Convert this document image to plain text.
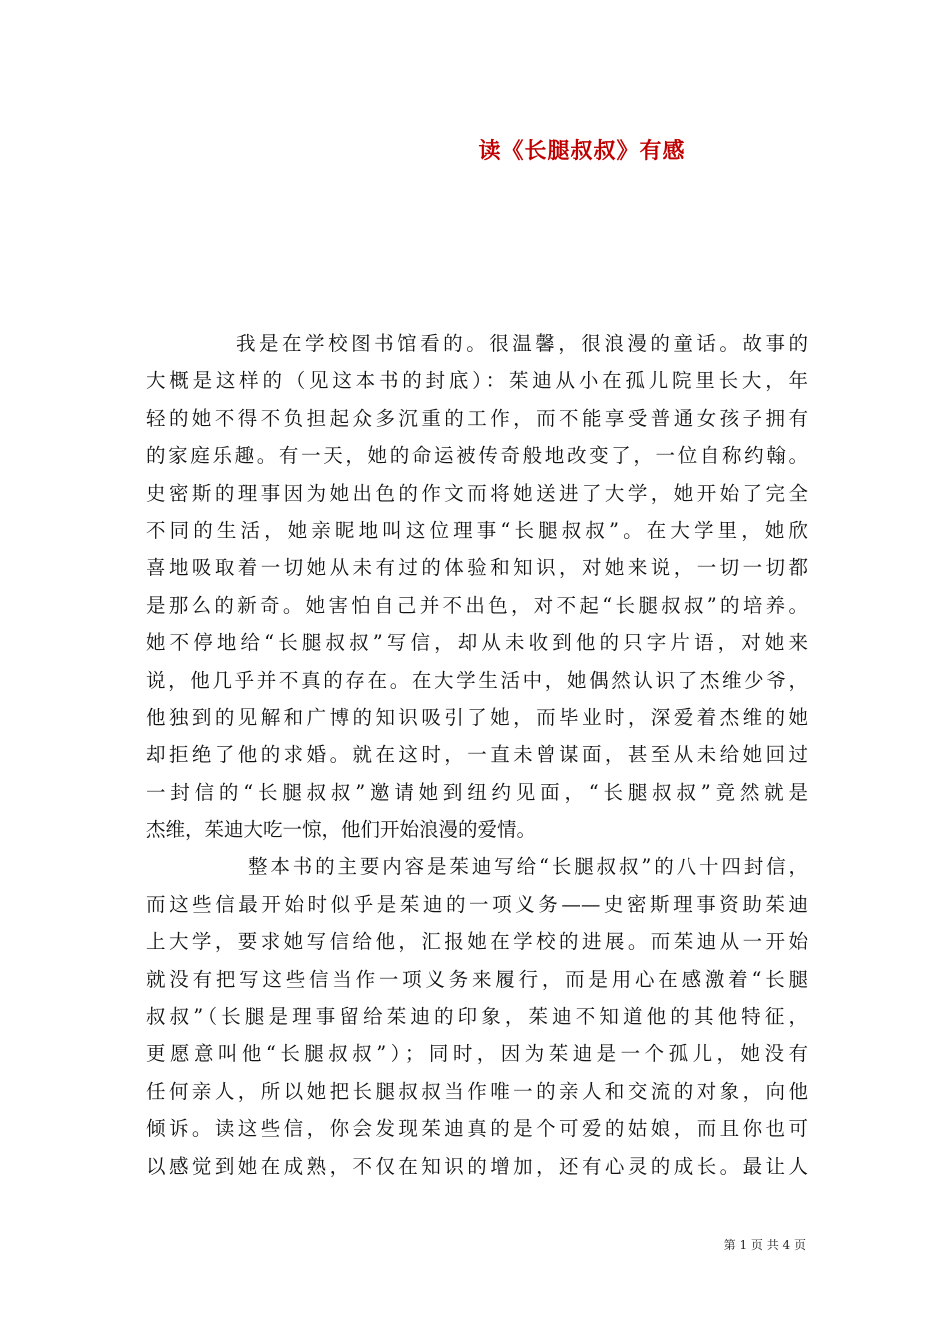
读《长腿叔叔》有感
我是在学校图书馆看的。很温馨，很浪漫的童话。故事的
大概是这样的（见这本书的封底）：茱迪从小在孤儿院里长大，年
轻的她不得不负担起众多沉重的工作，而不能享受普通女孩子拥有
的家庭乐趣。有一天，她的命运被传奇般地改变了，一位自称约翰。
史密斯的理事因为她出色的作文而将她送进了大学，她开始了完全
不同的生活，她亲昵地叫这位理事“长腿叔叔”。在大学里，她欣
喜地吸取着一切她从未有过的体验和知识，对她来说，一切一切都
是那么的新奇。她害怕自己并不出色，对不起“长腿叔叔”的培养。
她不停地给“长腿叔叔”写信，却从未收到他的只字片语，对她来
说，他几乎并不真的存在。在大学生活中，她偶然认识了杰维少爷，
他独到的见解和广博的知识吸引了她，而毕业时，深爱着杰维的她
却拒绝了他的求婚。就在这时，一直未曾谋面，甚至从未给她回过
一封信的“长腿叔叔”邀请她到纽约见面，“长腿叔叔”竟然就是
杰维，茱迪大吃一惊，他们开始浪漫的爱情。
整本书的主要内容是茱迪写给“长腿叔叔”的八十四封信，
而这些信最开始时似乎是茱迪的一项义务——史密斯理事资助茱迪
上大学，要求她写信给他，汇报她在学校的进展。而茱迪从一开始
就没有把写这些信当作一项义务来履行，而是用心在感激着“长腿
叔叔”（长腿是理事留给茱迪的印象，茱迪不知道他的其他特征，
更愿意叫他“长腿叔叔”）；同时，因为茱迪是一个孤儿，她没有
任何亲人，所以她把长腿叔叔当作唯一的亲人和交流的对象，向他
倾诉。读这些信，你会发现茱迪真的是个可爱的姑娘，而且你也可
以感觉到她在成熟，不仅在知识的增加，还有心灵的成长。最让人
第 1 页 共 4 页
